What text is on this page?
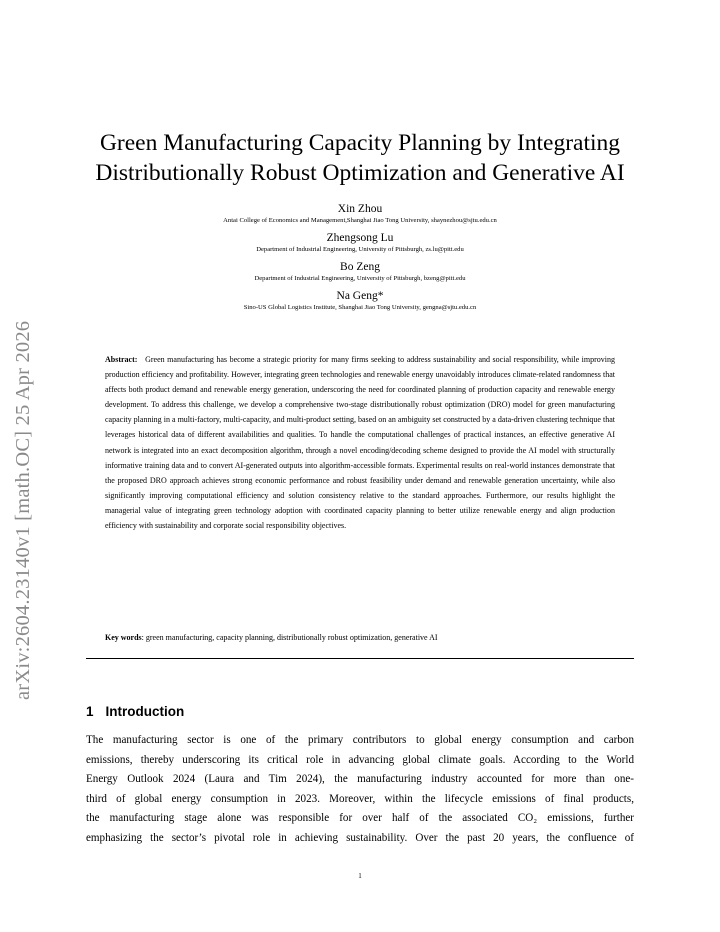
arXiv:2604.23140v1 [math.OC] 25 Apr 2026
Green Manufacturing Capacity Planning by Integrating
Distributionally Robust Optimization and Generative AI
Xin Zhou
Antai College of Economics and Management,Shanghai Jiao Tong University, shaynezhou@sjtu.edu.cn
Zhengsong Lu
Department of Industrial Engineering, University of Pittsburgh, zs.lu@pitt.edu
Bo Zeng
Department of Industrial Engineering, University of Pittsburgh, bzeng@pitt.edu
Na Geng*
Sino-US Global Logistics Institute, Shanghai Jiao Tong University, gengna@sjtu.edu.cn
Abstract: Green manufacturing has become a strategic priority for many firms seeking to address sustainability and social responsibility, while improving production efficiency and profitability. However, integrating green technologies and renewable energy unavoidably introduces climate-related randomness that affects both product demand and renewable energy generation, underscoring the need for coordinated planning of production capacity and renewable energy development. To address this challenge, we develop a comprehensive two-stage distributionally robust optimization (DRO) model for green manufacturing capacity planning in a multi-factory, multi-capacity, and multi-product setting, based on an ambiguity set constructed by a data-driven clustering technique that leverages historical data of different availabilities and qualities. To handle the computational challenges of practical instances, an effective generative AI network is integrated into an exact decomposition algorithm, through a novel encoding/decoding scheme designed to provide the AI model with structurally informative training data and to convert AI-generated outputs into algorithm-accessible formats. Experimental results on real-world instances demonstrate that the proposed DRO approach achieves strong economic performance and robust feasibility under demand and renewable generation uncertainty, while also significantly improving computational efficiency and solution consistency relative to the standard approaches. Furthermore, our results highlight the managerial value of integrating green technology adoption with coordinated capacity planning to better utilize renewable energy and align production efficiency with sustainability and corporate social responsibility objectives.
Key words: green manufacturing, capacity planning, distributionally robust optimization, generative AI
1 Introduction
The manufacturing sector is one of the primary contributors to global energy consumption and carbon
emissions, thereby underscoring its critical role in advancing global climate goals. According to the World
Energy Outlook 2024 (Laura and Tim 2024), the manufacturing industry accounted for more than one-
third of global energy consumption in 2023. Moreover, within the lifecycle emissions of final products,
the manufacturing stage alone was responsible for over half of the associated CO₂ emissions, further
emphasizing the sector’s pivotal role in achieving sustainability. Over the past 20 years, the confluence of
1
